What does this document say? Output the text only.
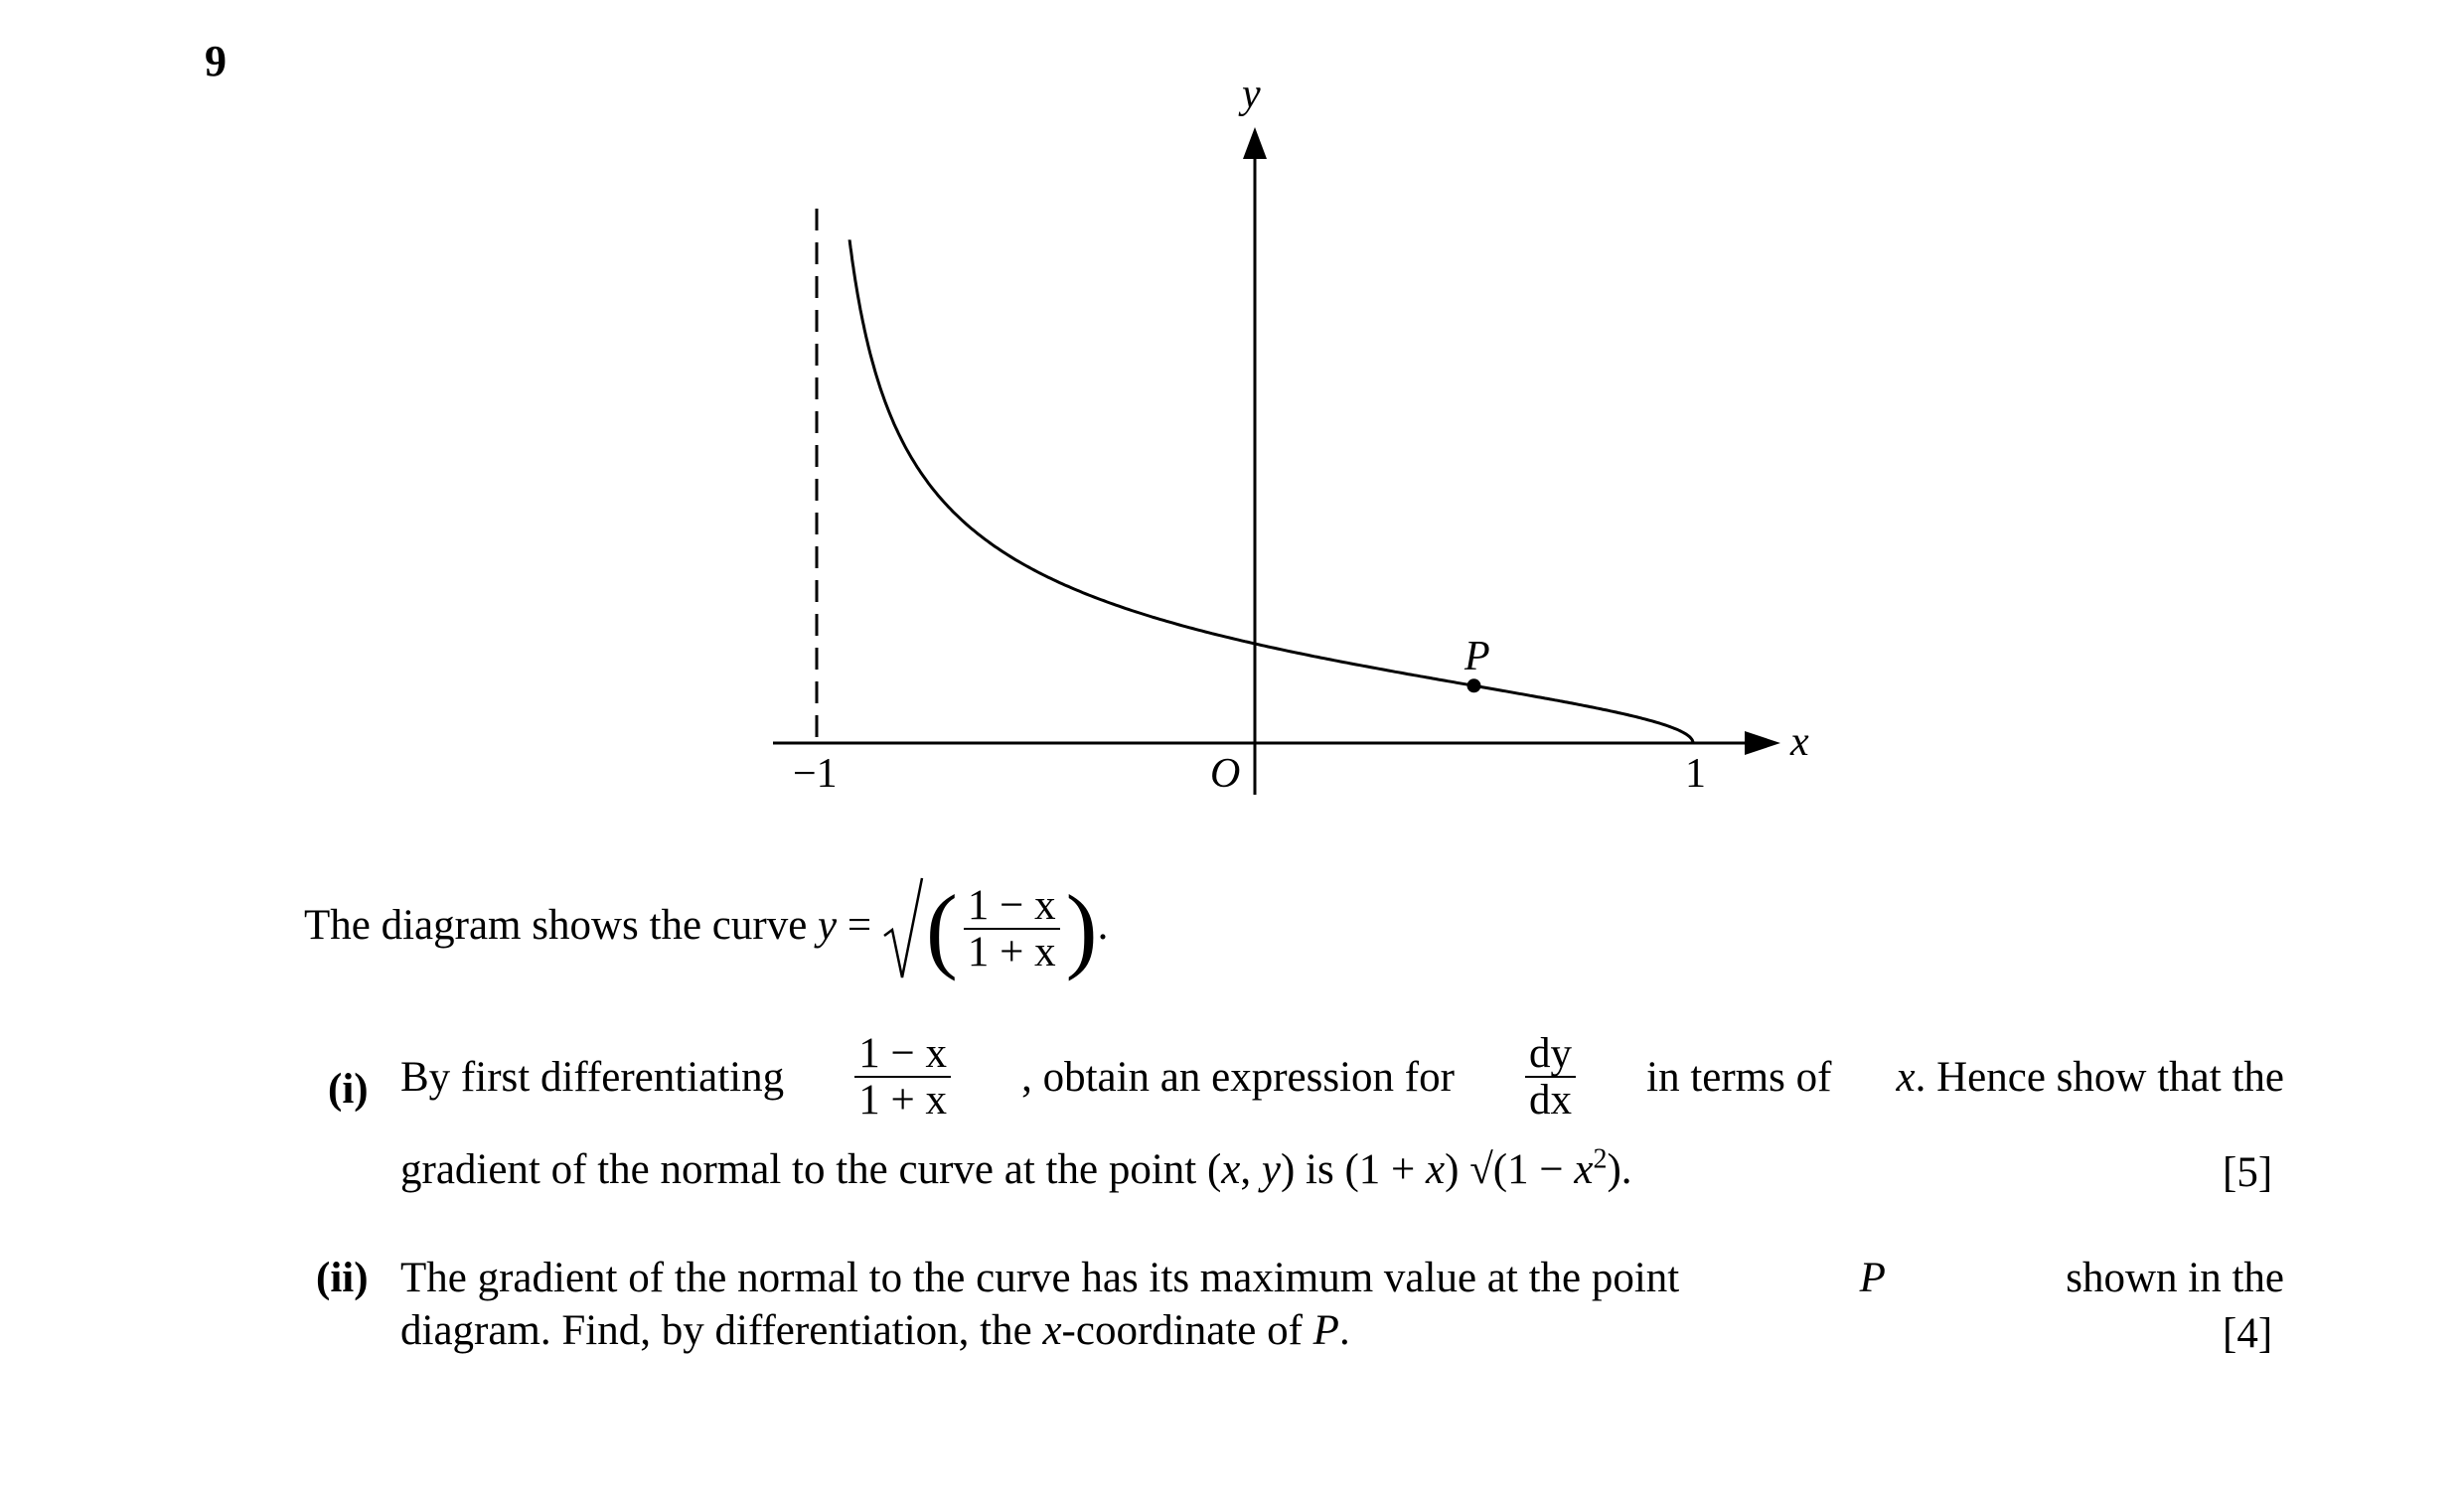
9
y
x
O
−1	1
P
The diagram shows the curve y = ( $\frac{1 - x}{1 + x}$ ).
(i) By first differentiating $\frac{1 - x}{1 + x}$ , obtain an expression for $\frac{dy}{dx}$ in terms of x. Hence show that the
gradient of the normal to the curve at the point (x, y) is (1 + x) $√(1 - x^2)$.	[5]
(ii) The gradient of the normal to the curve has its maximum value at the point	P	shown in the
diagram. Find, by differentiation, the x-coordinate of P.	[4]
